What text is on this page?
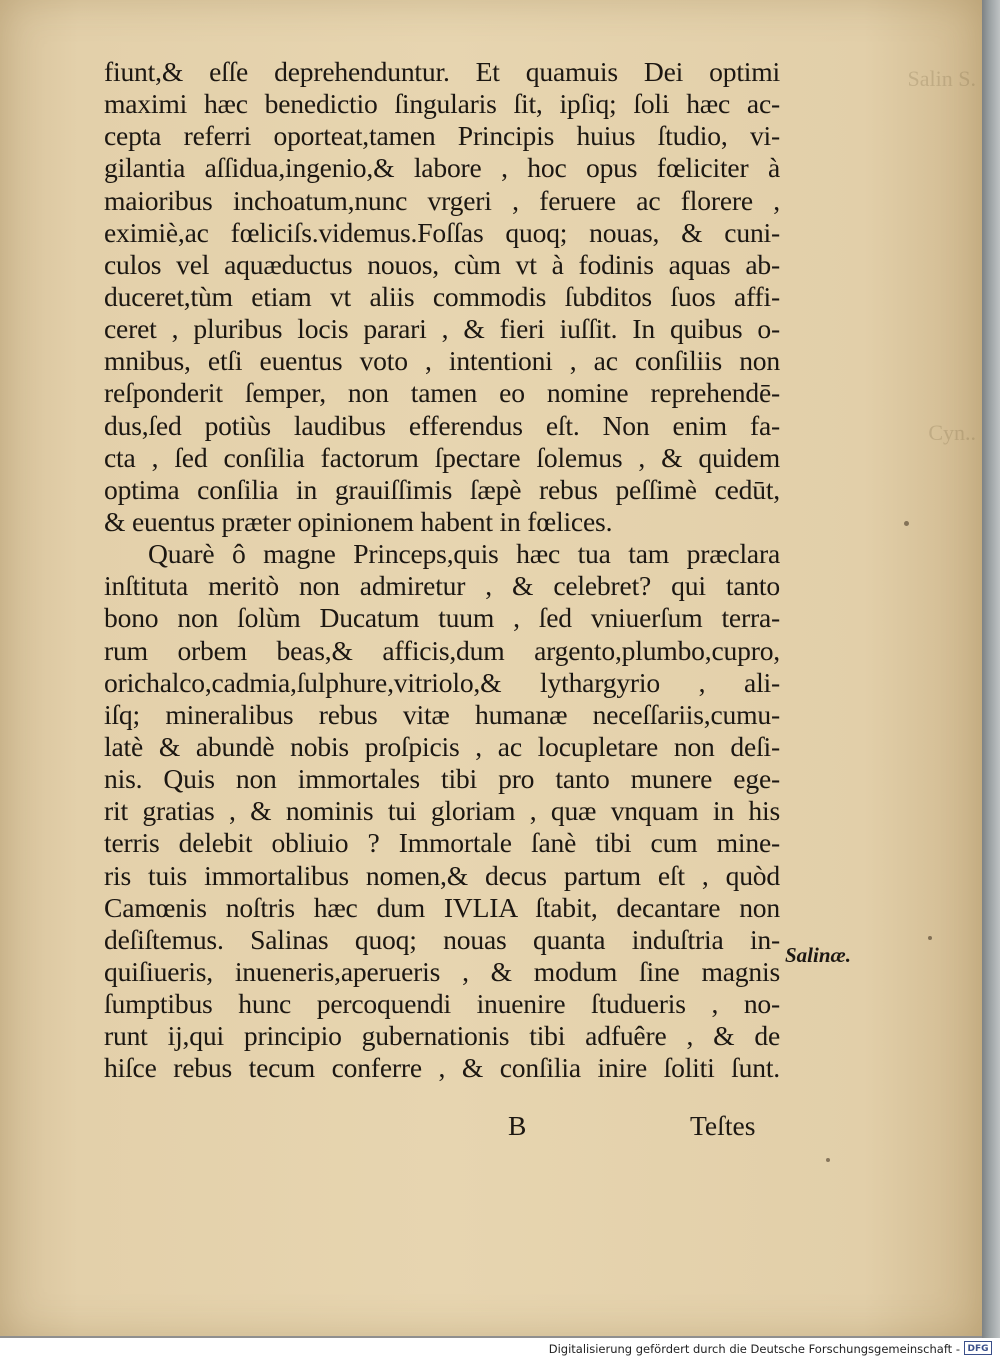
Salin S.
Cyn..
fiunt,& eſſe deprehenduntur. Et quamuis Dei optimi
maximi hæc benedictio ſingularis ſit, ipſiq; ſoli hæc ac-
cepta referri oporteat,tamen Principis huius ſtudio, vi-
gilantia aſſidua,ingenio,& labore , hoc opus fœliciter à
maioribus inchoatum,nunc vrgeri , feruere ac florere ,
eximiè,ac fœliciſs.videmus.Foſſas quoq; nouas, & cuni-
culos vel aquæductus nouos, cùm vt à fodinis aquas ab-
duceret,tùm etiam vt aliis commodis ſubditos ſuos affi-
ceret , pluribus locis parari , & fieri iuſſit. In quibus o-
mnibus, etſi euentus voto , intentioni , ac conſiliis non
reſponderit ſemper, non tamen eo nomine reprehendē-
dus,ſed potiùs laudibus efferendus eſt. Non enim fa-
cta , ſed conſilia factorum ſpectare ſolemus , & quidem
optima conſilia in grauiſſimis ſæpè rebus peſſimè cedūt,
& euentus præter opinionem habent in fœlices.
Quarè ô magne Princeps,quis hæc tua tam præclara
inſtituta meritò non admiretur , & celebret? qui tanto
bono non ſolùm Ducatum tuum , ſed vniuerſum terra-
rum orbem beas,& afficis,dum argento,plumbo,cupro,
orichalco,cadmia,ſulphure,vitriolo,& lythargyrio , ali-
iſq; mineralibus rebus vitæ humanæ neceſſariis,cumu-
latè & abundè nobis proſpicis , ac locupletare non deſi-
nis. Quis non immortales tibi pro tanto munere ege-
rit gratias , & nominis tui gloriam , quæ vnquam in his
terris delebit obliuio ? Immortale ſanè tibi cum mine-
ris tuis immortalibus nomen,& decus partum eſt , quòd
Camœnis noſtris hæc dum IVLIA ſtabit, decantare non
deſiſtemus. Salinas quoq; nouas quanta induſtria in-
quiſiueris, inueneris,aperueris , & modum ſine magnis
ſumptibus hunc percoquendi inuenire ſtudueris , no-
runt ij,qui principio gubernationis tibi adfuêre , & de
hiſce rebus tecum conferre , & conſilia inire ſoliti ſunt.
Salinæ.
B	Teſtes
Digitalisierung gefördert durch die Deutsche Forschungsgemeinschaft - DFG
